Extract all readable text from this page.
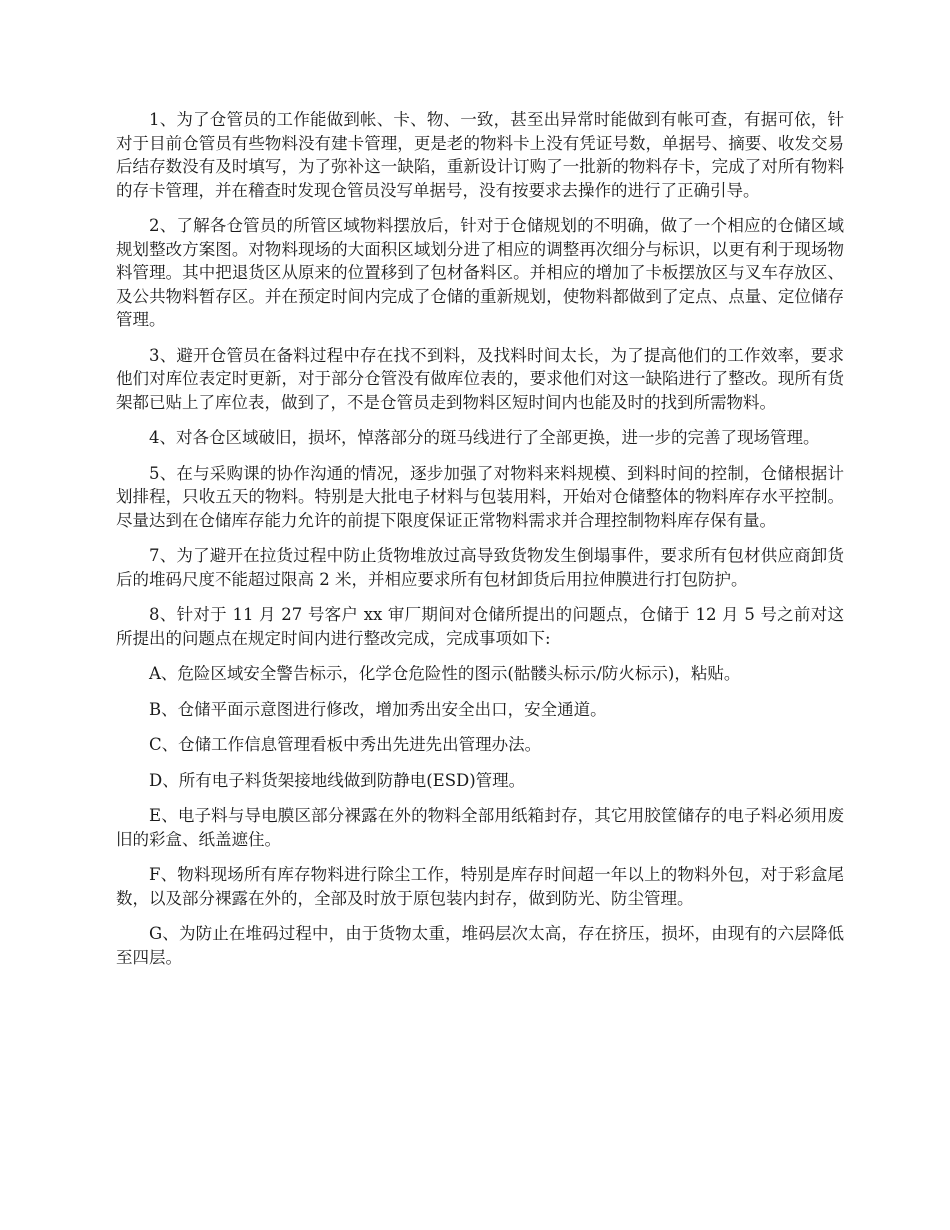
1、为了仓管员的工作能做到帐、卡、物、一致，甚至出异常时能做到有帐可查，有据可依，针对于目前仓管员有些物料没有建卡管理，更是老的物料卡上没有凭证号数，单据号、摘要、收发交易后结存数没有及时填写，为了弥补这一缺陷，重新设计订购了一批新的物料存卡，完成了对所有物料的存卡管理，并在稽查时发现仓管员没写单据号，没有按要求去操作的进行了正确引导。

2、了解各仓管员的所管区域物料摆放后，针对于仓储规划的不明确，做了一个相应的仓储区域规划整改方案图。对物料现场的大面积区域划分进了相应的调整再次细分与标识，以更有利于现场物料管理。其中把退货区从原来的位置移到了包材备料区。并相应的增加了卡板摆放区与叉车存放区、及公共物料暂存区。并在预定时间内完成了仓储的重新规划，使物料都做到了定点、点量、定位储存管理。

3、避开仓管员在备料过程中存在找不到料，及找料时间太长，为了提高他们的工作效率，要求他们对库位表定时更新，对于部分仓管没有做库位表的，要求他们对这一缺陷进行了整改。现所有货架都已贴上了库位表，做到了，不是仓管员走到物料区短时间内也能及时的找到所需物料。

4、对各仓区域破旧，损坏，悼落部分的斑马线进行了全部更换，进一步的完善了现场管理。

5、在与采购课的协作沟通的情况，逐步加强了对物料来料规模、到料时间的控制，仓储根据计划排程，只收五天的物料。特别是大批电子材料与包装用料，开始对仓储整体的物料库存水平控制。尽量达到在仓储库存能力允许的前提下限度保证正常物料需求并合理控制物料库存保有量。

7、为了避开在拉货过程中防止货物堆放过高导致货物发生倒塌事件，要求所有包材供应商卸货后的堆码尺度不能超过限高 2 米，并相应要求所有包材卸货后用拉伸膜进行打包防护。

8、针对于 11 月 27 号客户 xx 审厂期间对仓储所提出的问题点，仓储于 12 月 5 号之前对这所提出的问题点在规定时间内进行整改完成，完成事项如下:

A、危险区域安全警告标示，化学仓危险性的图示(骷髅头标示/防火标示)，粘贴。

B、仓储平面示意图进行修改，增加秀出安全出口，安全通道。

C、仓储工作信息管理看板中秀出先进先出管理办法。

D、所有电子料货架接地线做到防静电(ESD)管理。

E、电子料与导电膜区部分裸露在外的物料全部用纸箱封存，其它用胶筐储存的电子料必须用废旧的彩盒、纸盖遮住。

F、物料现场所有库存物料进行除尘工作，特别是库存时间超一年以上的物料外包，对于彩盒尾数，以及部分裸露在外的，全部及时放于原包装内封存，做到防光、防尘管理。

G、为防止在堆码过程中，由于货物太重，堆码层次太高，存在挤压，损坏，由现有的六层降低至四层。
